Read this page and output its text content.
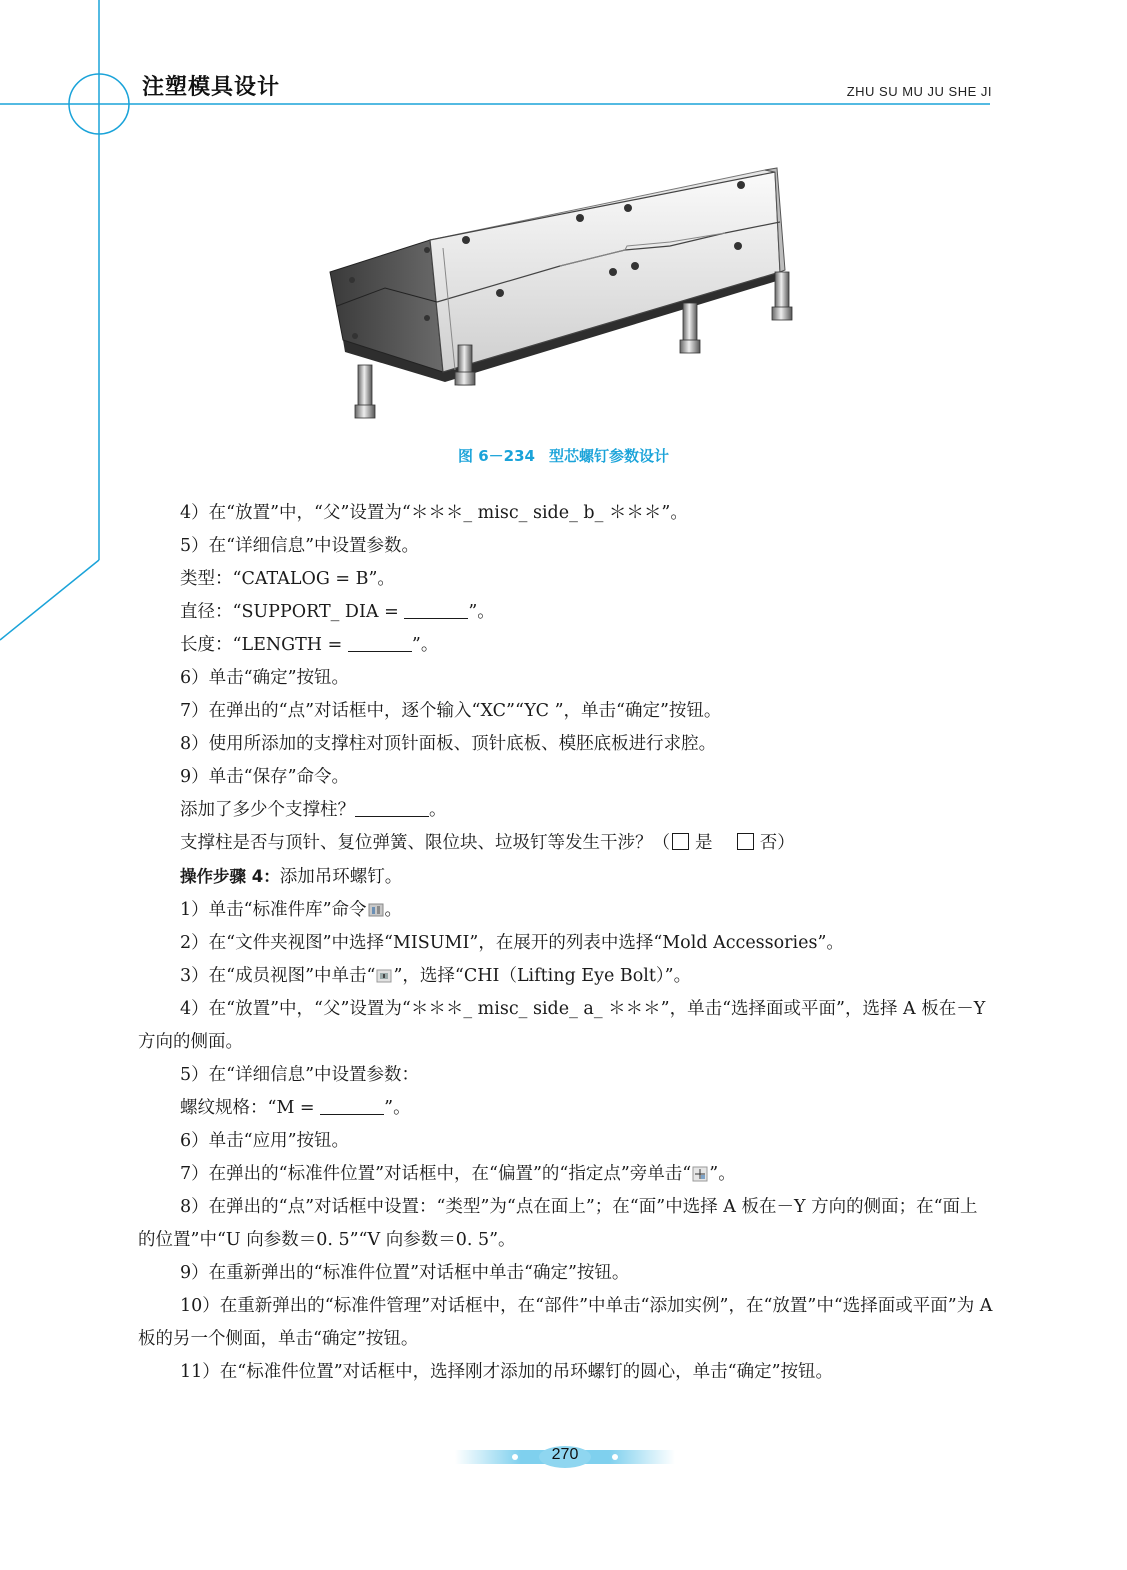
注塑模具设计	ZHU SU MU JU SHE JI
图 6－234 型芯螺钉参数设计

4）在“放置”中，“父”设置为“＊＊＊_ misc_ side_ b_ ＊＊＊”。

5）在“详细信息”中设置参数。

类型：“CATALOG = B”。

直径：“SUPPORT_ DIA =	”。

长度：“LENGTH =	”。

6）单击“确定”按钮。

7）在弹出的“点”对话框中，逐个输入“XC”“YC ”，单击“确定”按钮。

8）使用所添加的支撑柱对顶针面板、顶针底板、模胚底板进行求腔。

9）单击“保存”命令。

添加了多少个支撑柱？	。

支撑柱是否与顶针、复位弹簧、限位块、垃圾钉等发生干涉？（ 是	否）

操作步骤 4：添加吊环螺钉。

1）单击“标准件库”命令 。

2）在“文件夹视图”中选择“MISUMI”，在展开的列表中选择“Mold Accessories”。

3）在“成员视图”中单击“ ”，选择“CHI（Lifting Eye Bolt）”。

4）在“放置”中，“父”设置为“＊＊＊_ misc_ side_ a_ ＊＊＊”，单击“选择面或平面”，选择 A 板在－Y 方向的侧面。

5）在“详细信息”中设置参数：

螺纹规格：“M =	”。

6）单击“应用”按钮。

7）在弹出的“标准件位置”对话框中，在“偏置”的“指定点”旁单击“ ”。

8）在弹出的“点”对话框中设置：“类型”为“点在面上”；在“面”中选择 A 板在－Y 方向的侧面；在“面上的位置”中“U 向参数＝0. 5”“V 向参数＝0. 5”。

9）在重新弹出的“标准件位置”对话框中单击“确定”按钮。

10）在重新弹出的“标准件管理”对话框中，在“部件”中单击“添加实例”，在“放置”中“选择面或平面”为 A 板的另一个侧面，单击“确定”按钮。

11）在“标准件位置”对话框中，选择刚才添加的吊环螺钉的圆心，单击“确定”按钮。

270
